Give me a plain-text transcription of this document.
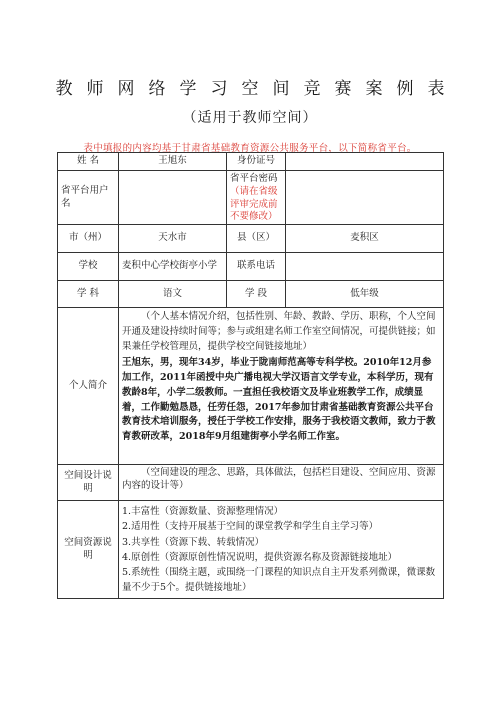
教师网络学习空间竞赛案例表
（适用于教师空间）
表中填报的内容均基于甘肃省基础教育资源公共服务平台，以下简称省平台。
姓 名	王旭东	身份证号	
省平台用户名		省平台密码（请在省级评审完成前不要修改）	
市（州）	天水市	县（区）	麦积区
学校	麦积中心学校街亭小学	联系电话	
学 科	语文	学 段	低年级
个人简介	（个人基本情况介绍，包括性别、年龄、教龄、学历、职称，个人空间开通及建设持续时间等；参与或组建名师工作室空间情况，可提供链接；如果兼任学校管理员，提供学校空间链接地址）

王旭东，男，现年34岁，毕业于陇南师范高等专科学校。2010年12月参加工作，2011年函授中央广播电视大学汉语言文学专业，本科学历，现有教龄8年，小学二级教师。一直担任我校语文及毕业班教学工作，成绩显着，工作勤勉恳恳，任劳任怨，2017年参加甘肃省基础教育资源公共平台教育技术培训服务，授任于学校工作安排，服务于我校语文教师，致力于教育教研改革，2018年9月组建街亭小学名师工作室。		

空间设计说明	（空间建设的理念、思路，具体做法，包括栏目建设、空间应用、资源内容的设计等）		

空间资源说明	1.丰富性（资源数量、资源整理情况）

2.适用性（支持开展基于空间的课堂教学和学生自主学习等）

3.共享性（资源下载、转载情况）

4.原创性（资源原创性情况说明，提供资源名称及资源链接地址）

5.系统性（围绕主题，或围绕一门课程的知识点自主开发系列微课，微课数量不少于5个。提供链接地址）		
